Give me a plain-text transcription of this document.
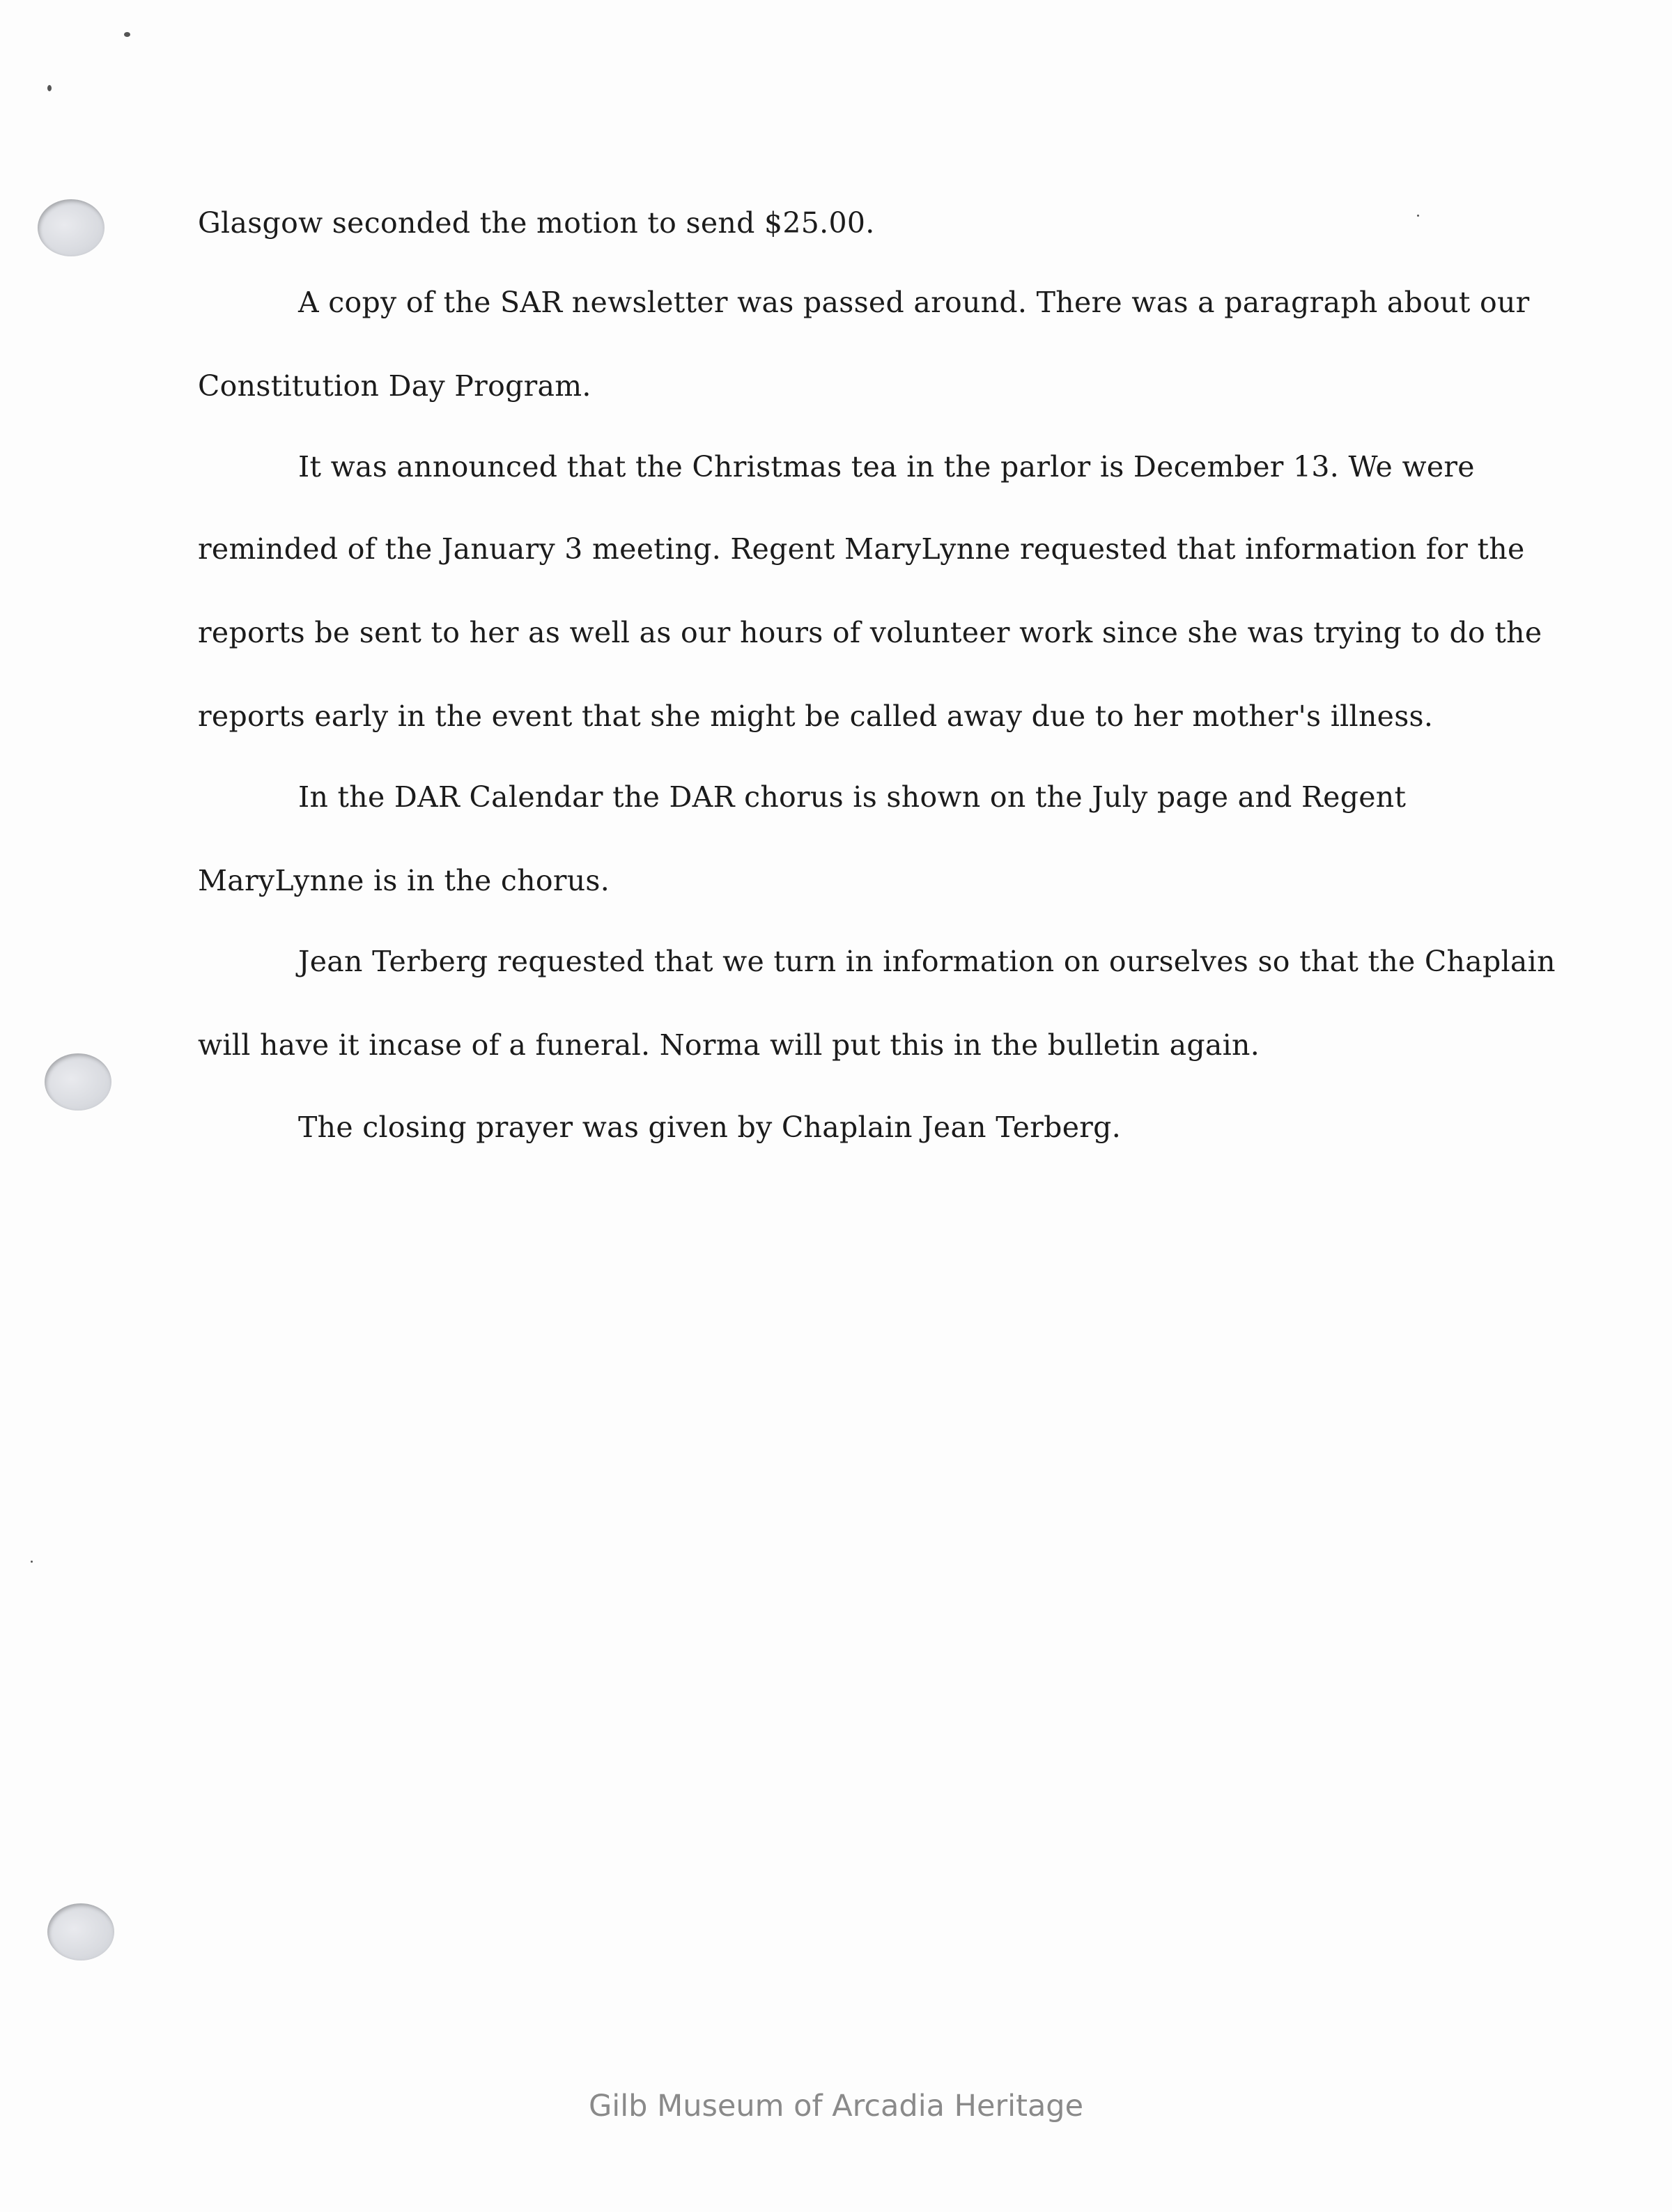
Glasgow seconded the motion to send $25.00.
A copy of the SAR newsletter was passed around. There was a paragraph about our
Constitution Day Program.
It was announced that the Christmas tea in the parlor is December 13. We were
reminded of the January 3 meeting. Regent MaryLynne requested that information for the
reports be sent to her as well as our hours of volunteer work since she was trying to do the
reports early in the event that she might be called away due to her mother's illness.
In the DAR Calendar the DAR chorus is shown on the July page and Regent
MaryLynne is in the chorus.
Jean Terberg requested that we turn in information on ourselves so that the Chaplain
will have it incase of a funeral. Norma will put this in the bulletin again.
The closing prayer was given by Chaplain Jean Terberg.
Gilb Museum of Arcadia Heritage
